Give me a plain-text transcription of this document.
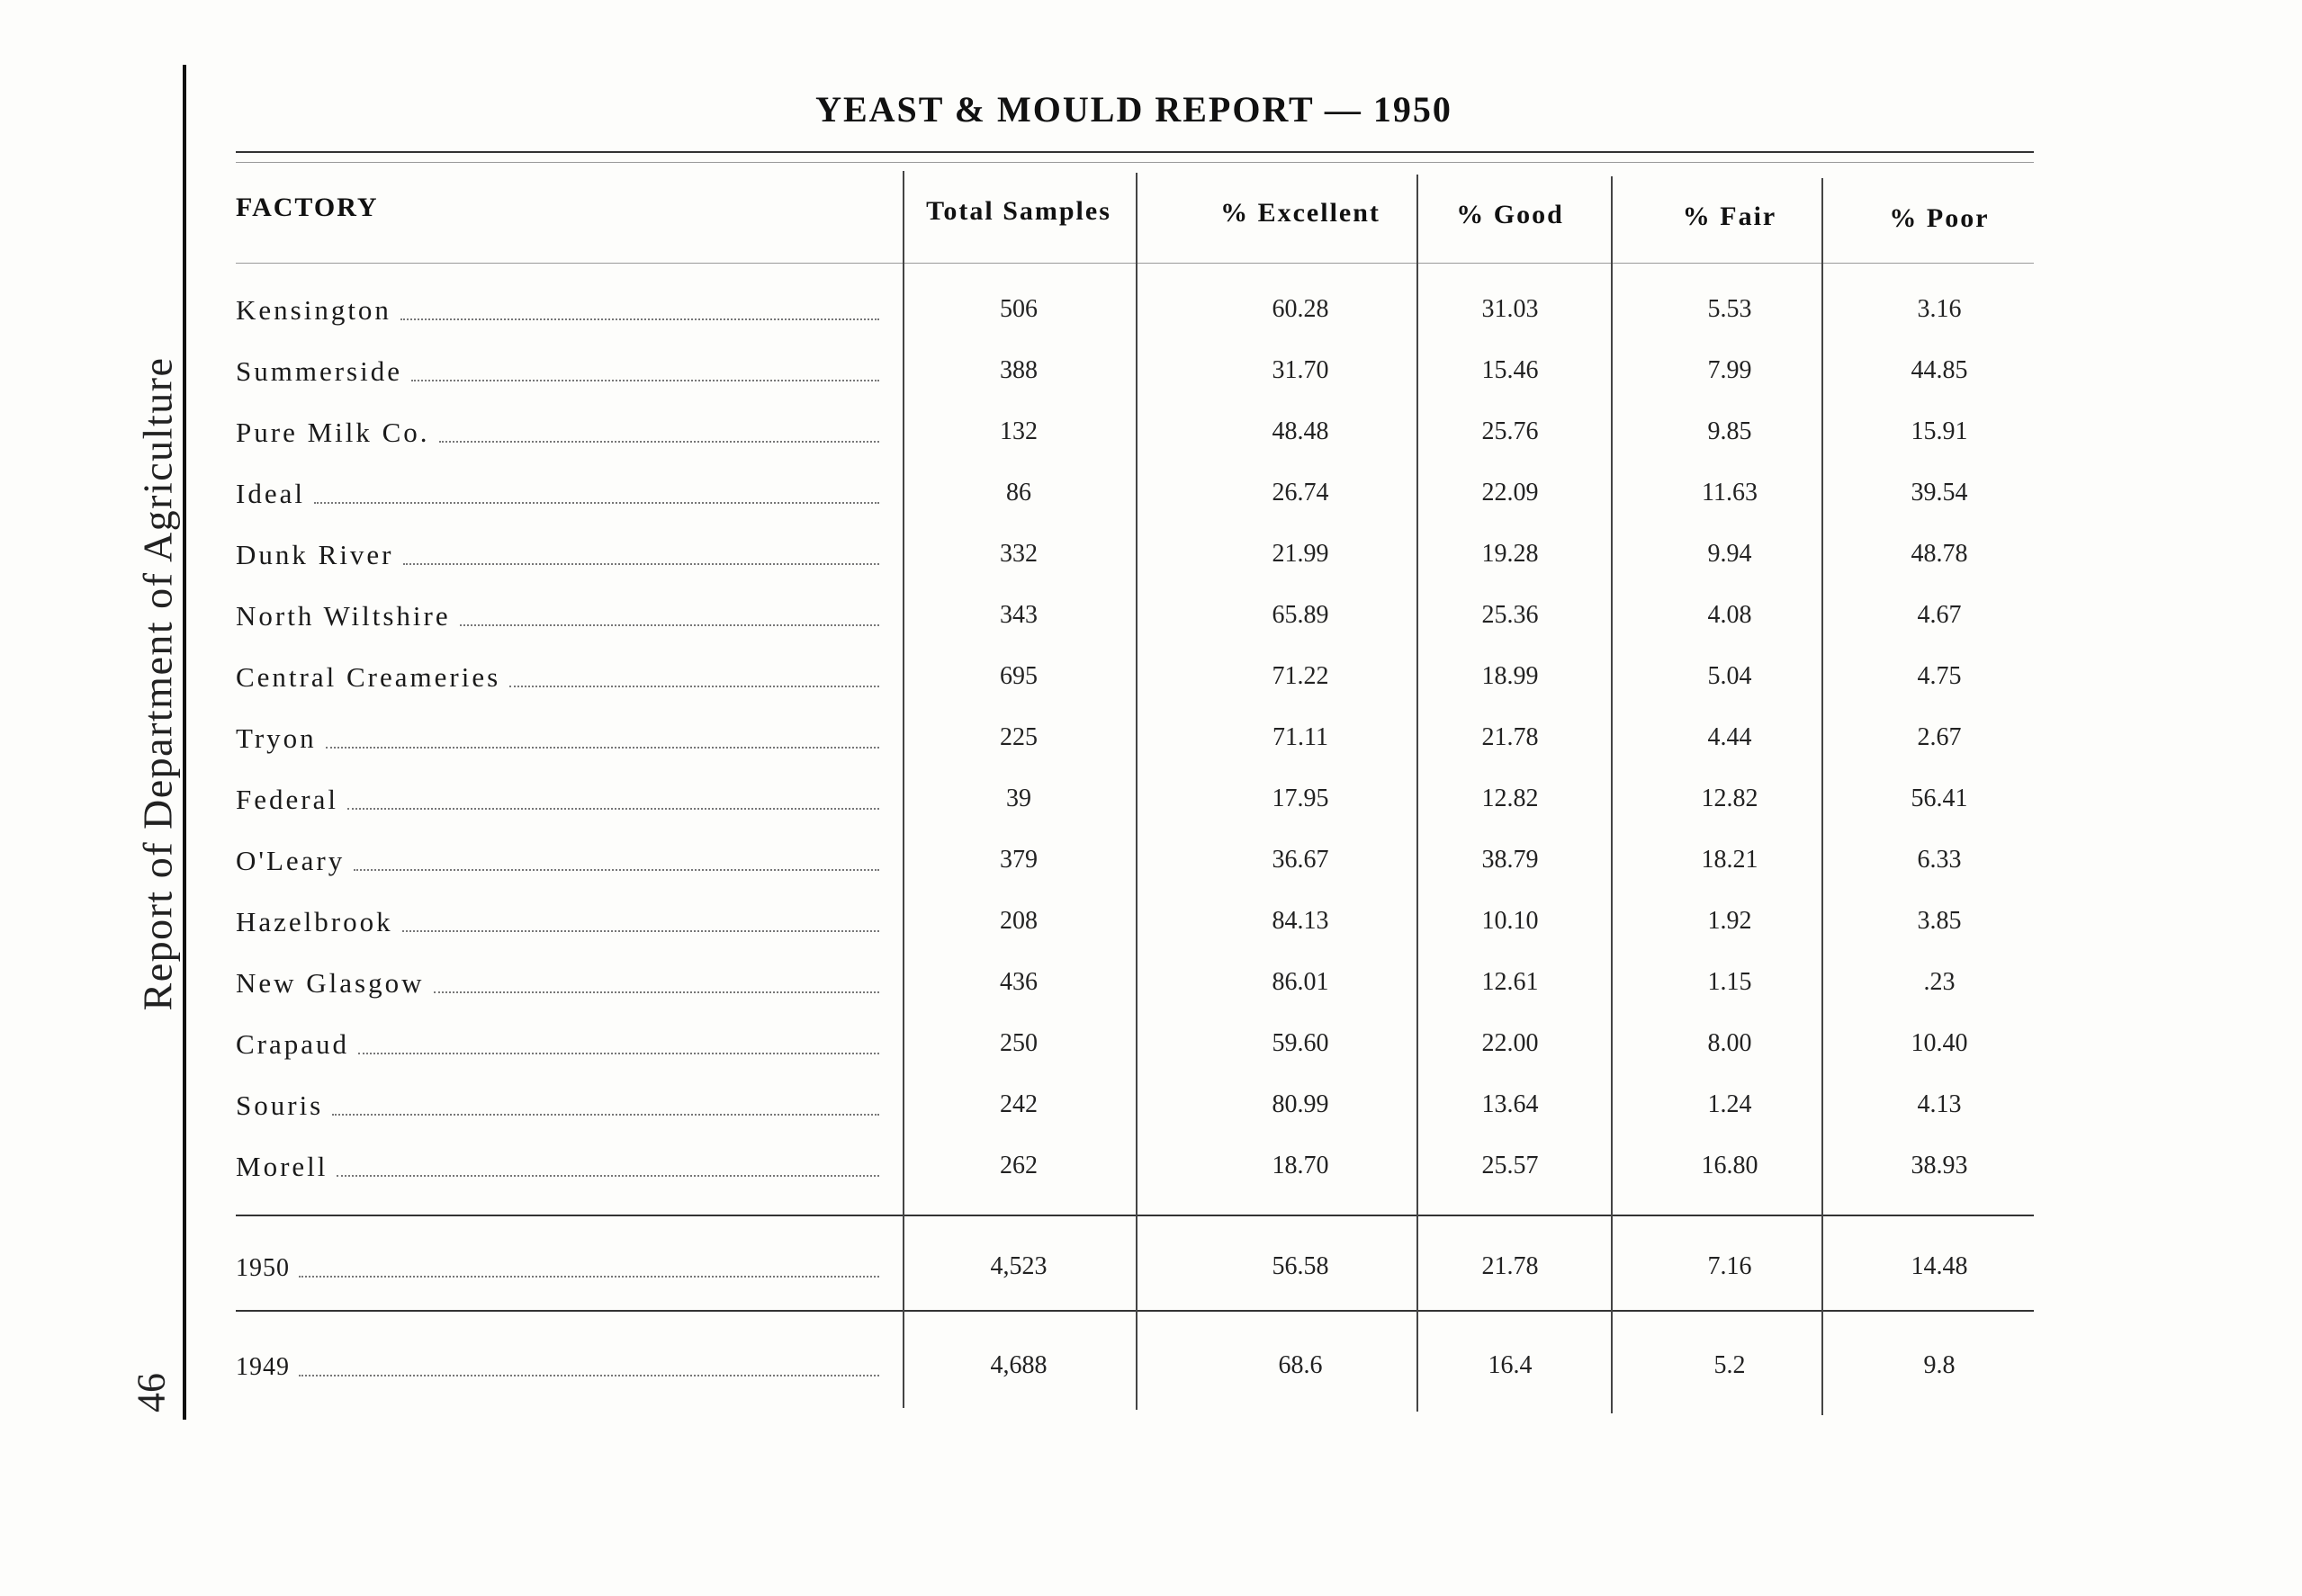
Report of Department of Agriculture
46
YEAST & MOULD REPORT — 1950
FACTORY	Total Samples	% Excellent	% Good	% Fair	% Poor
Kensington	506	60.28	31.03	5.53	3.16
Summerside	388	31.70	15.46	7.99	44.85
Pure Milk Co.	132	48.48	25.76	9.85	15.91
Ideal	86	26.74	22.09	11.63	39.54
Dunk River	332	21.99	19.28	9.94	48.78
North Wiltshire	343	65.89	25.36	4.08	4.67
Central Creameries	695	71.22	18.99	5.04	4.75
Tryon	225	71.11	21.78	4.44	2.67
Federal	39	17.95	12.82	12.82	56.41
O'Leary	379	36.67	38.79	18.21	6.33
Hazelbrook	208	84.13	10.10	1.92	3.85
New Glasgow	436	86.01	12.61	1.15	.23
Crapaud	250	59.60	22.00	8.00	10.40
Souris	242	80.99	13.64	1.24	4.13
Morell	262	18.70	25.57	16.80	38.93
1950	4,523	56.58	21.78	7.16	14.48
1949	4,688	68.6	16.4	5.2	9.8
